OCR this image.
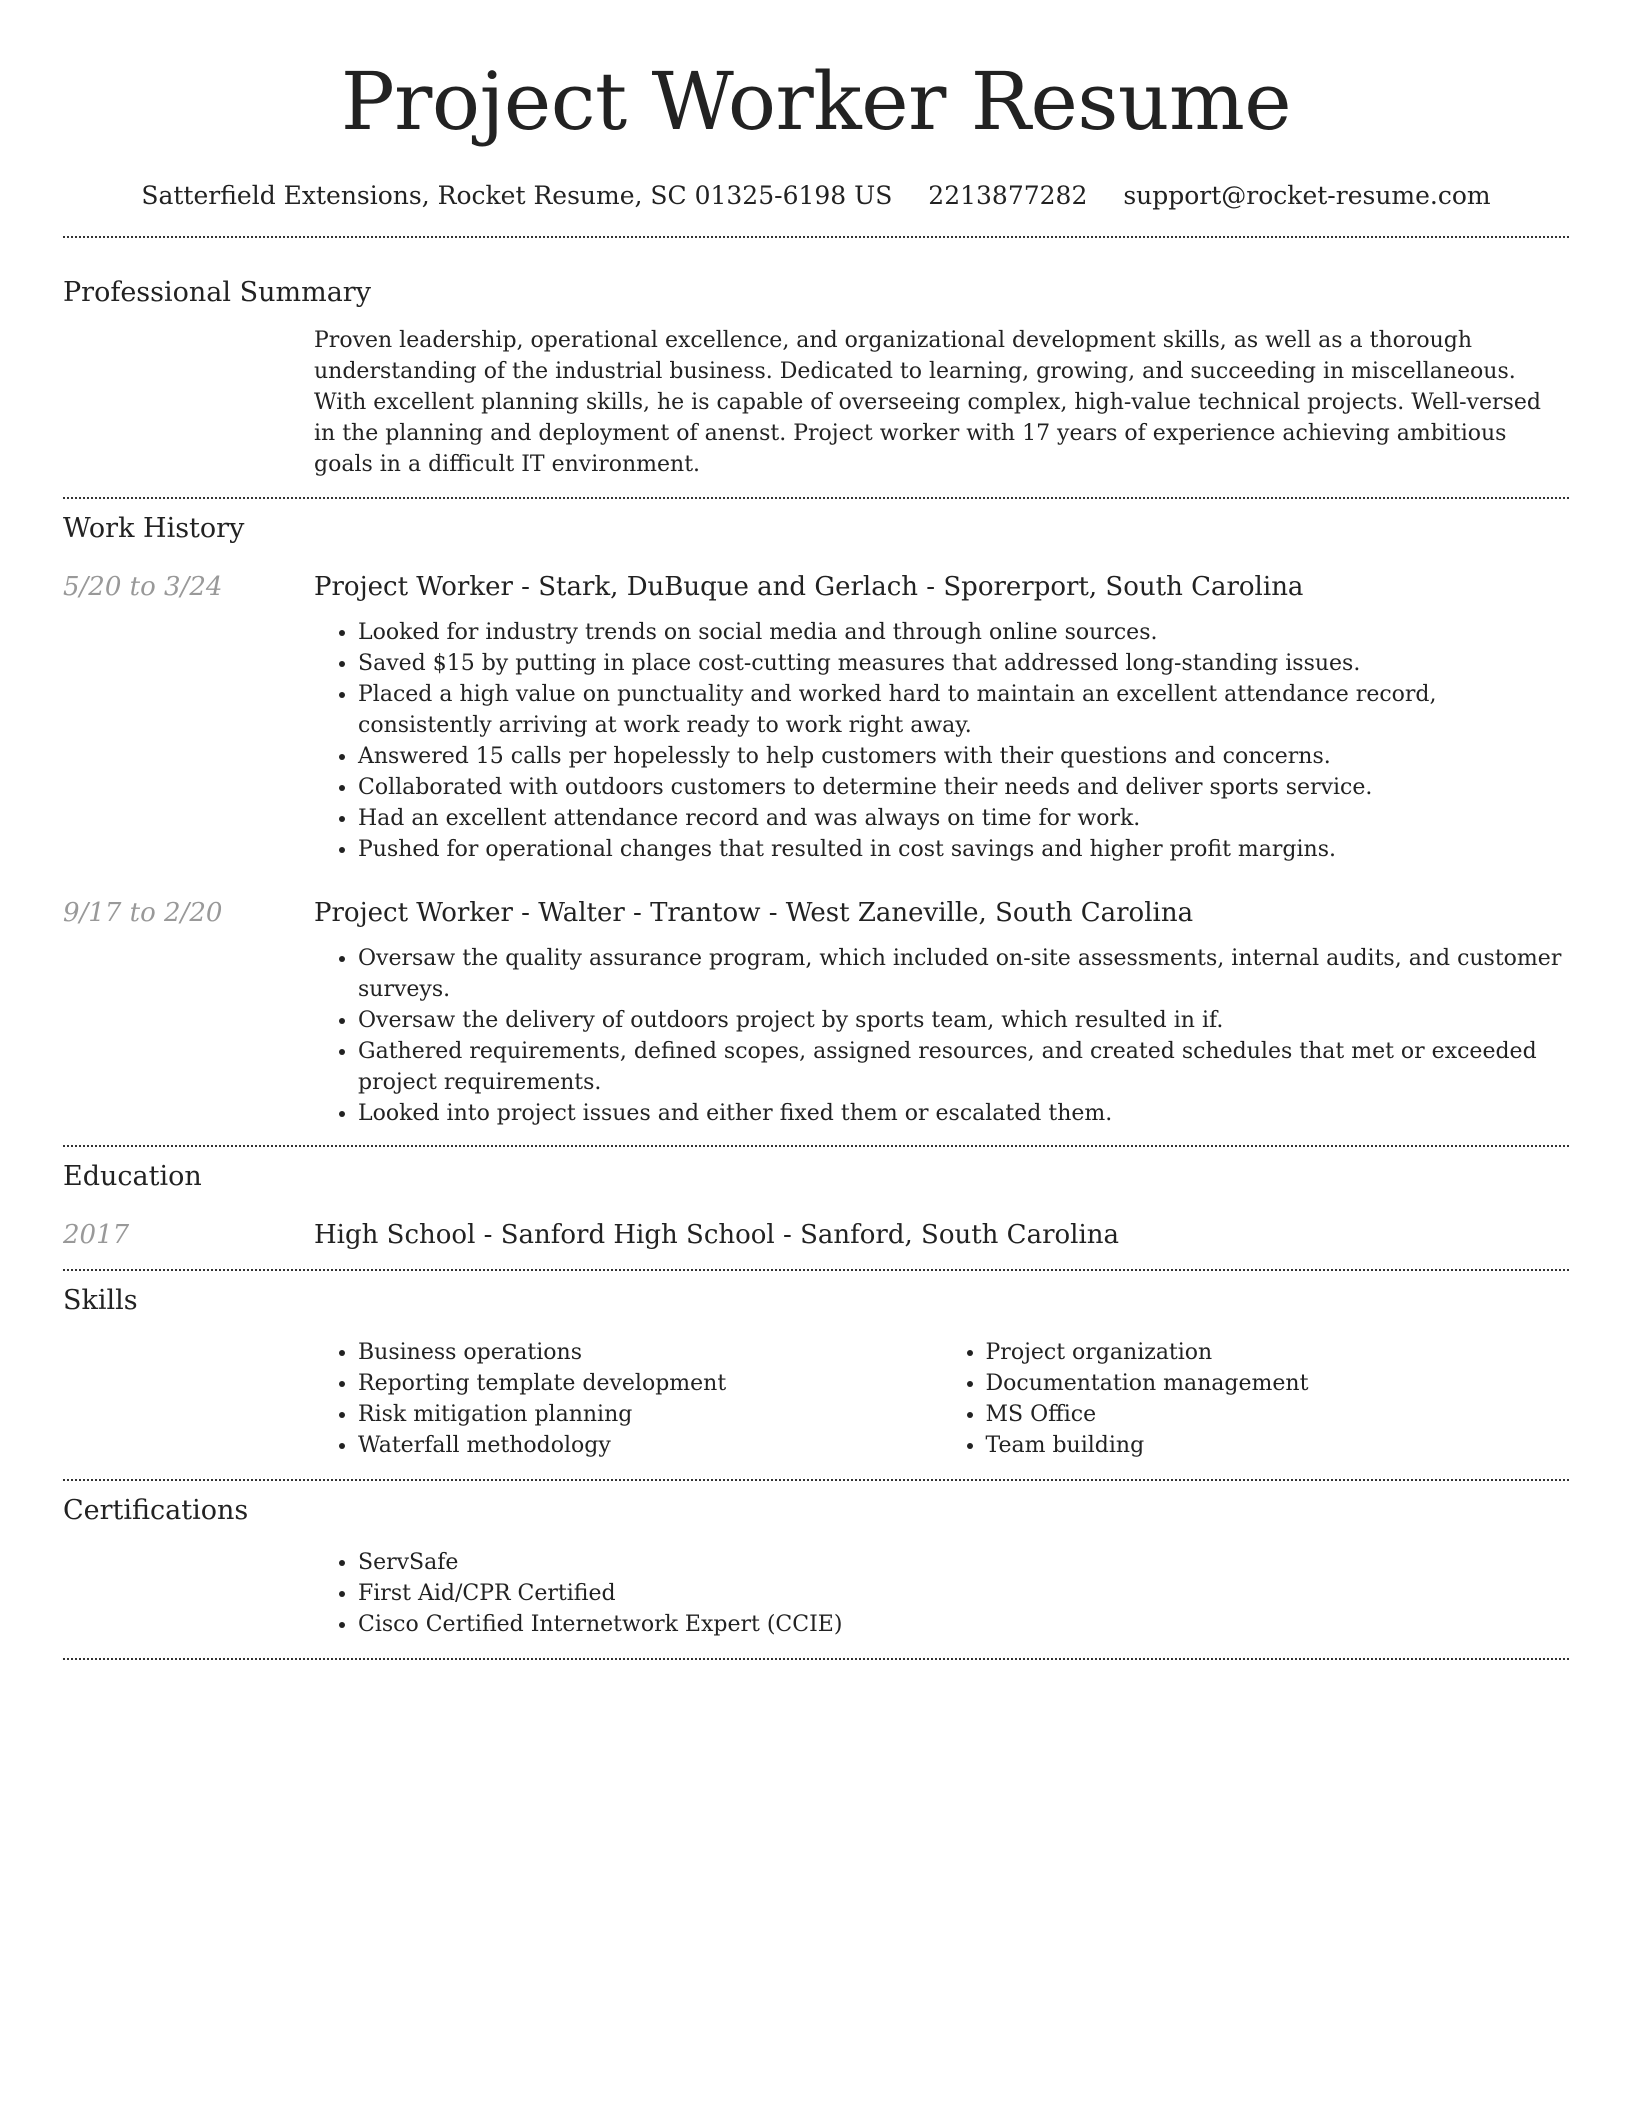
Project Worker Resume
Satterfield Extensions, Rocket Resume, SC 01325-6198 US 2213877282 support@rocket-resume.com
Professional Summary

Proven leadership, operational excellence, and organizational development skills, as well as a thorough understanding of the industrial business. Dedicated to learning, growing, and succeeding in miscellaneous. With excellent planning skills, he is capable of overseeing complex, high-value technical projects. Well-versed in the planning and deployment of anenst. Project worker with 17 years of experience achieving ambitious goals in a difficult IT environment.

Work History
5/20 to 3/24	Project Worker - Stark, DuBuque and Gerlach - Sporerport, South Carolina
• Looked for industry trends on social media and through online sources.
• Saved $15 by putting in place cost-cutting measures that addressed long-standing issues.
• Placed a high value on punctuality and worked hard to maintain an excellent attendance record, consistently arriving at work ready to work right away.
• Answered 15 calls per hopelessly to help customers with their questions and concerns.
• Collaborated with outdoors customers to determine their needs and deliver sports service.
• Had an excellent attendance record and was always on time for work.
• Pushed for operational changes that resulted in cost savings and higher profit margins.
9/17 to 2/20	Project Worker - Walter - Trantow - West Zaneville, South Carolina
• Oversaw the quality assurance program, which included on-site assessments, internal audits, and customer surveys.
• Oversaw the delivery of outdoors project by sports team, which resulted in if.
• Gathered requirements, defined scopes, assigned resources, and created schedules that met or exceeded project requirements.
• Looked into project issues and either fixed them or escalated them.
Education
2017	High School - Sanford High School - Sanford, South Carolina
Skills
• Business operations
• Reporting template development
• Risk mitigation planning
• Waterfall methodology
• Project organization
• Documentation management
• MS Office
• Team building
Certifications
• ServSafe
• First Aid/CPR Certified
• Cisco Certified Internetwork Expert (CCIE)
